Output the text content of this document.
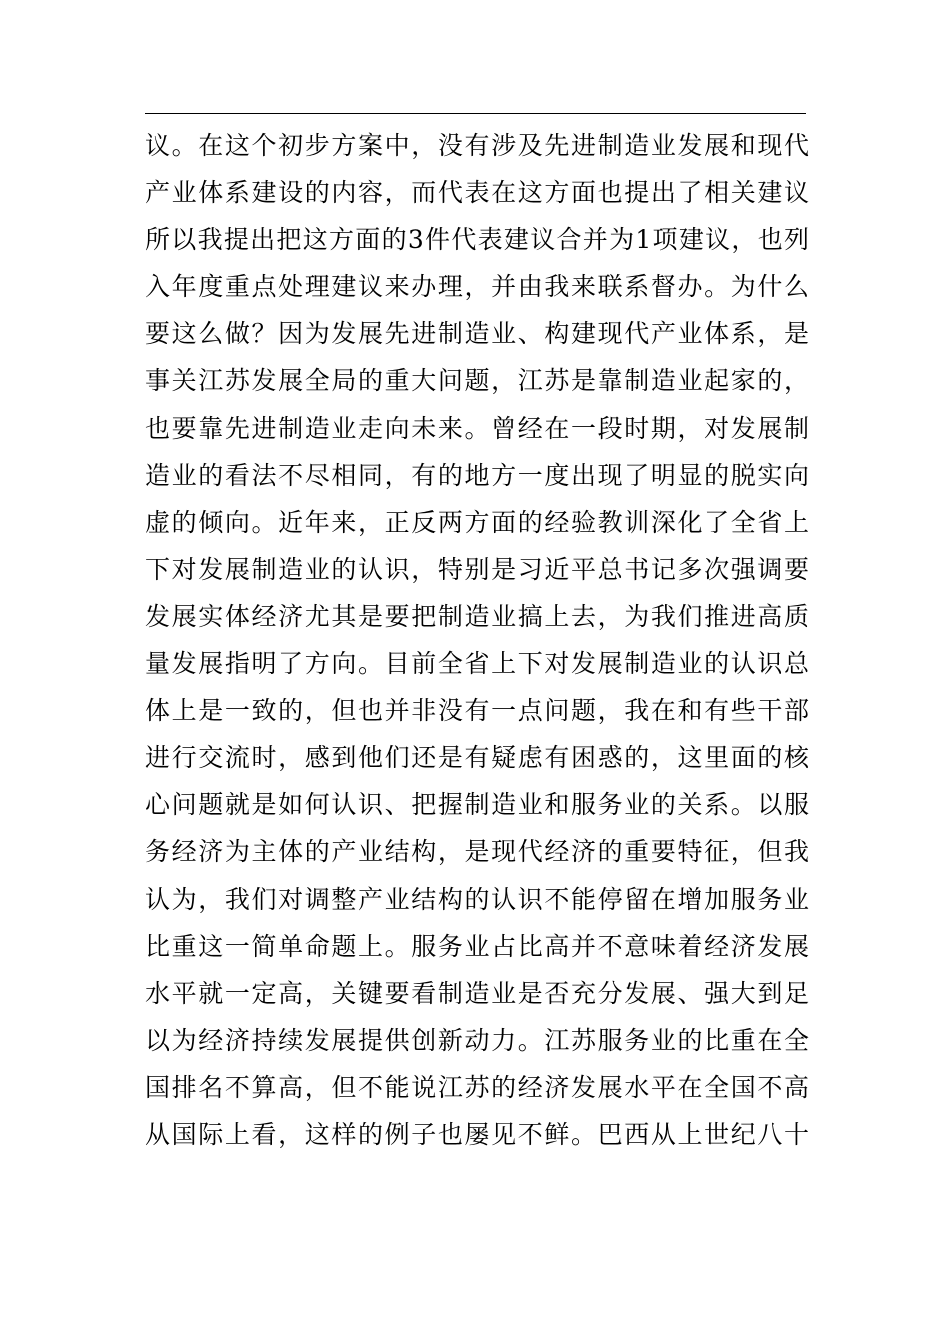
议。在这个初步方案中，没有涉及先进制造业发展和现代
产业体系建设的内容，而代表在这方面也提出了相关建议
所以我提出把这方面的3件代表建议合并为1项建议，也列
入年度重点处理建议来办理，并由我来联系督办。为什么
要这么做？因为发展先进制造业、构建现代产业体系，是
事关江苏发展全局的重大问题，江苏是靠制造业起家的，
也要靠先进制造业走向未来。曾经在一段时期，对发展制
造业的看法不尽相同，有的地方一度出现了明显的脱实向
虚的倾向。近年来，正反两方面的经验教训深化了全省上
下对发展制造业的认识，特别是习近平总书记多次强调要
发展实体经济尤其是要把制造业搞上去，为我们推进高质
量发展指明了方向。目前全省上下对发展制造业的认识总
体上是一致的，但也并非没有一点问题，我在和有些干部
进行交流时，感到他们还是有疑虑有困惑的，这里面的核
心问题就是如何认识、把握制造业和服务业的关系。以服
务经济为主体的产业结构，是现代经济的重要特征，但我
认为，我们对调整产业结构的认识不能停留在增加服务业
比重这一简单命题上。服务业占比高并不意味着经济发展
水平就一定高，关键要看制造业是否充分发展、强大到足
以为经济持续发展提供创新动力。江苏服务业的比重在全
国排名不算高，但不能说江苏的经济发展水平在全国不高
从国际上看，这样的例子也屡见不鲜。巴西从上世纪八十
